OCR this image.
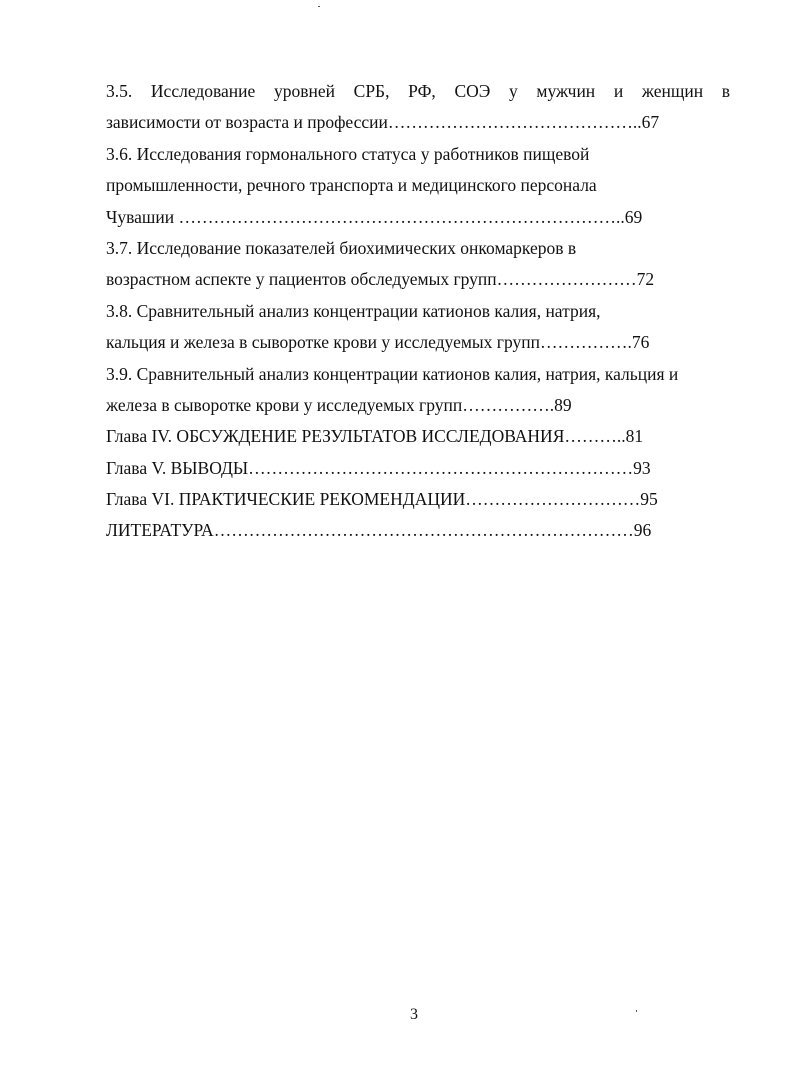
3.5. Исследование уровней СРБ, РФ, СОЭ у мужчин и женщин в
зависимости от возраста и профессии……………………………………..67
3.6. Исследования гормонального статуса у работников пищевой
промышленности, речного транспорта и медицинского персонала
Чувашии …………………………………………………………………..69
3.7. Исследование показателей биохимических онкомаркеров в
возрастном аспекте у пациентов обследуемых групп……………………72
3.8. Сравнительный анализ концентрации катионов калия, натрия,
кальция и железа в сыворотке крови у исследуемых групп…………….76
3.9. Сравнительный анализ концентрации катионов калия, натрия, кальция и
железа в сыворотке крови у исследуемых групп…………….89
Глава IV. ОБСУЖДЕНИЕ РЕЗУЛЬТАТОВ ИССЛЕДОВАНИЯ………..81
Глава V. ВЫВОДЫ…………………………………………………………93
Глава VI. ПРАКТИЧЕСКИЕ РЕКОМЕНДАЦИИ…………………………95
ЛИТЕРАТУРА………………………………………………………………96
3
